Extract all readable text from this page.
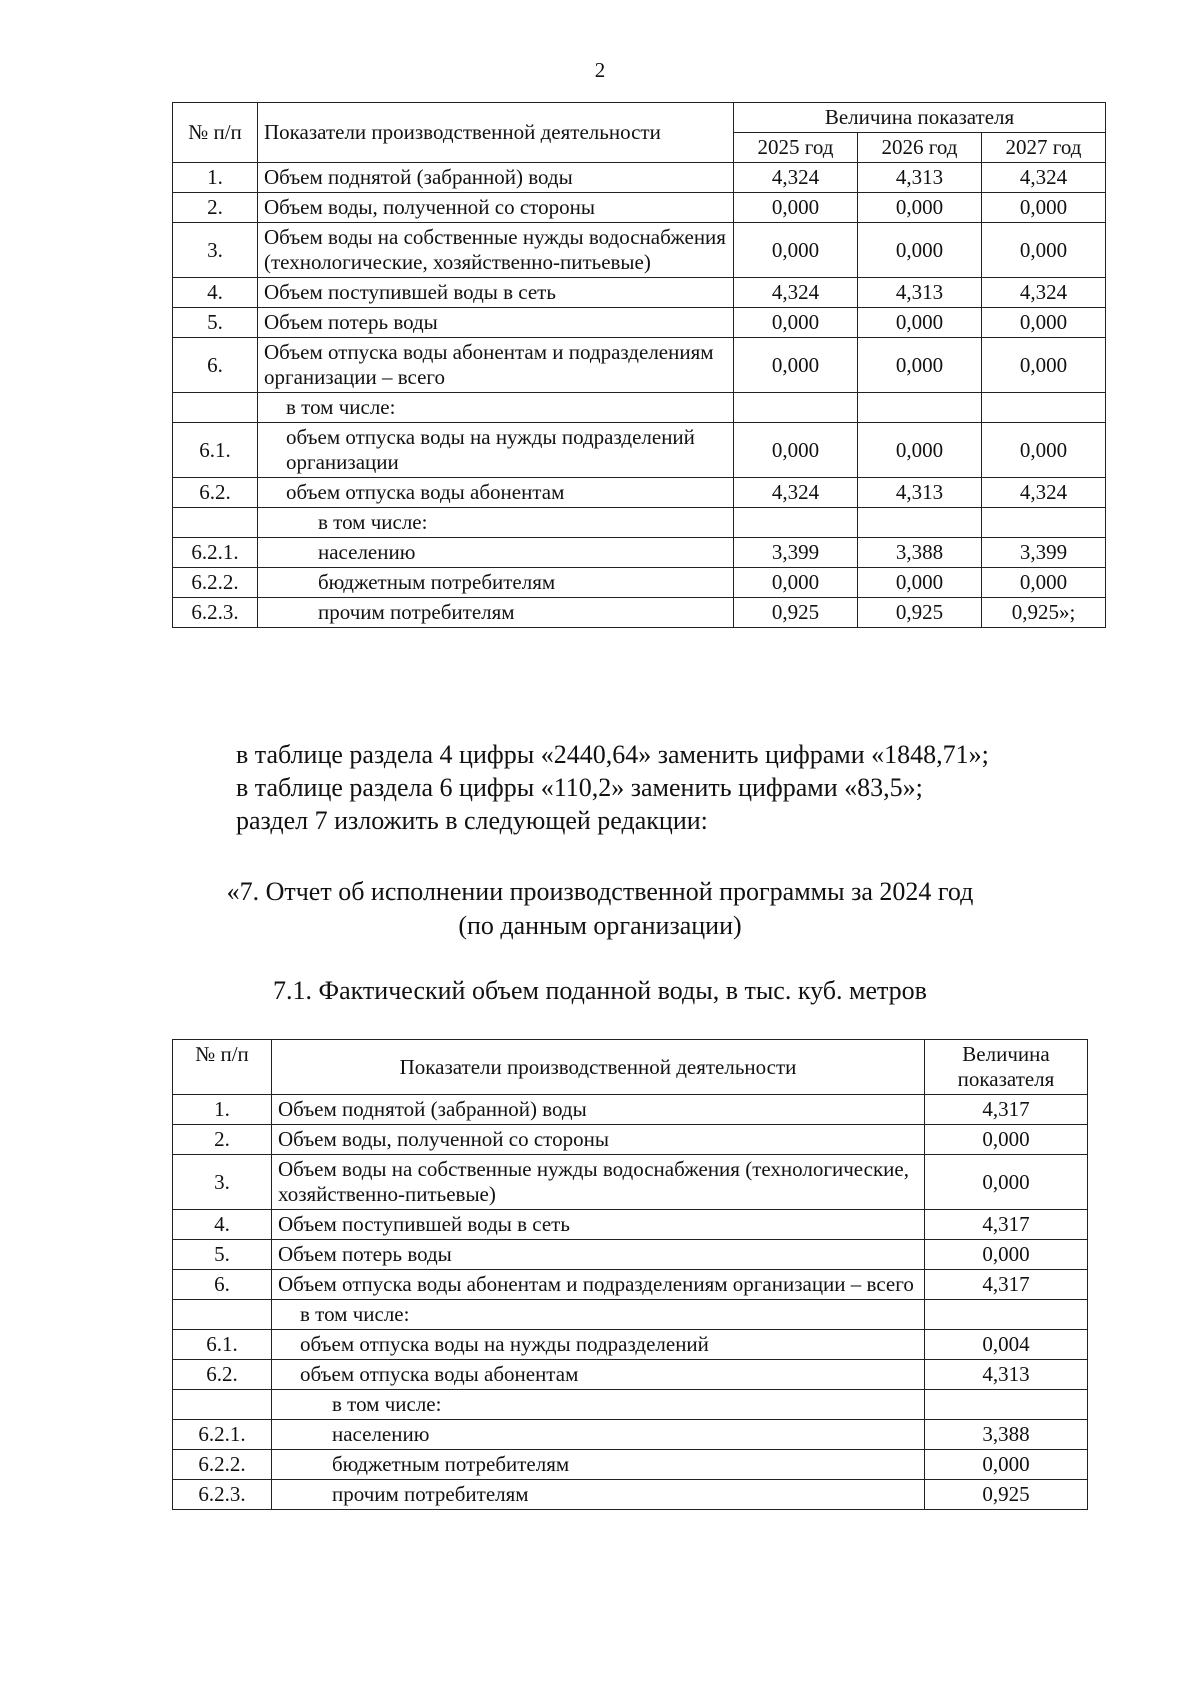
2
№ п/п	Показатели производственной деятельности	Величина показателя		
		2025 год	2026 год	2027 год
1.	Объем поднятой (забранной) воды	4,324	4,313	4,324
2.	Объем воды, полученной со стороны	0,000	0,000	0,000
3.	Объем воды на собственные нужды водоснабжения (технологические, хозяйственно-питьевые)	0,000	0,000	0,000
4.	Объем поступившей воды в сеть	4,324	4,313	4,324
5.	Объем потерь воды	0,000	0,000	0,000
6.	Объем отпуска воды абонентам и подразделениям организации – всего	0,000	0,000	0,000
	в том числе:			
6.1.	объем отпуска воды на нужды подразделений организации	0,000	0,000	0,000
6.2.	объем отпуска воды абонентам	4,324	4,313	4,324
	в том числе:			
6.2.1.	населению	3,399	3,388	3,399
6.2.2.	бюджетным потребителям	0,000	0,000	0,000
6.2.3.	прочим потребителям	0,925	0,925	0,925»;
в таблице раздела 4 цифры «2440,64» заменить цифрами «1848,71»;
в таблице раздела 6 цифры «110,2» заменить цифрами «83,5»;
раздел 7 изложить в следующей редакции:
«7. Отчет об исполнении производственной программы за 2024 год
(по данным организации)
7.1. Фактический объем поданной воды, в тыс. куб. метров
№ п/п	Показатели производственной деятельности	Величина показателя
1.	Объем поднятой (забранной) воды	4,317
2.	Объем воды, полученной со стороны	0,000
3.	Объем воды на собственные нужды водоснабжения (технологические, хозяйственно-питьевые)	0,000
4.	Объем поступившей воды в сеть	4,317
5.	Объем потерь воды	0,000
6.	Объем отпуска воды абонентам и подразделениям организации – всего	4,317
	в том числе:	
6.1.	объем отпуска воды на нужды подразделений	0,004
6.2.	объем отпуска воды абонентам	4,313
	в том числе:	
6.2.1.	населению	3,388
6.2.2.	бюджетным потребителям	0,000
6.2.3.	прочим потребителям	0,925
